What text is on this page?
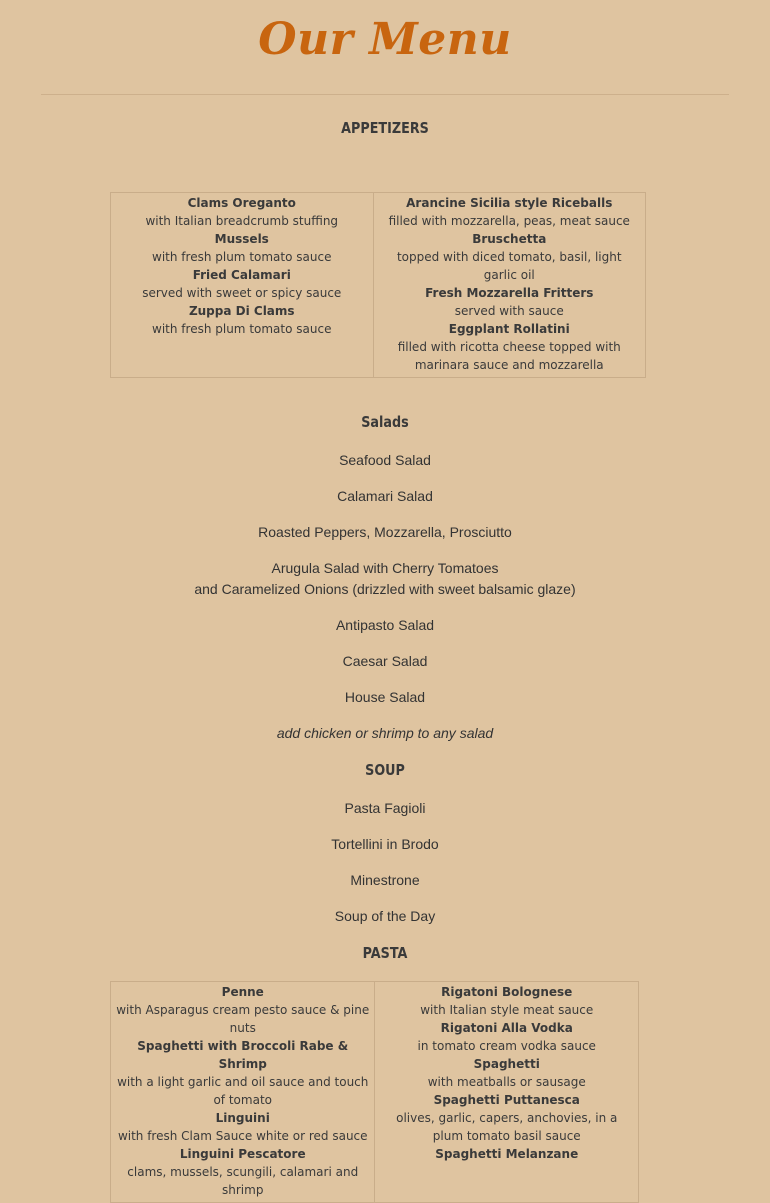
Our Menu
APPETIZERS
Clams Oreganto
with Italian breadcrumb stuffing
Mussels
with fresh plum tomato sauce
Fried Calamari
served with sweet or spicy sauce
Zuppa Di Clams
with fresh plum tomato sauce

Arancine Sicilia style Riceballs
filled with mozzarella, peas, meat sauce
Bruschetta
topped with diced tomato, basil, light garlic oil
Fresh Mozzarella Fritters
served with sauce
Eggplant Rollatini
filled with ricotta cheese topped with marinara sauce and mozzarella
Salads
Seafood Salad
Calamari Salad
Roasted Peppers, Mozzarella, Prosciutto
Arugula Salad with Cherry Tomatoes
and Caramelized Onions (drizzled with sweet balsamic glaze)
Antipasto Salad
Caesar Salad
House Salad
add chicken or shrimp to any salad
SOUP
Pasta Fagioli
Tortellini in Brodo
Minestrone
Soup of the Day
PASTA
Penne
with Asparagus cream pesto sauce & pine nuts
Spaghetti with Broccoli Rabe & Shrimp
with a light garlic and oil sauce and touch of tomato
Linguini
with fresh Clam Sauce white or red sauce
Linguini Pescatore
clams, mussels, scungili, calamari and shrimp

Rigatoni Bolognese
with Italian style meat sauce
Rigatoni Alla Vodka
in tomato cream vodka sauce
Spaghetti
with meatballs or sausage
Spaghetti Puttanesca
olives, garlic, capers, anchovies, in a plum tomato basil sauce
Spaghetti Melanzane
